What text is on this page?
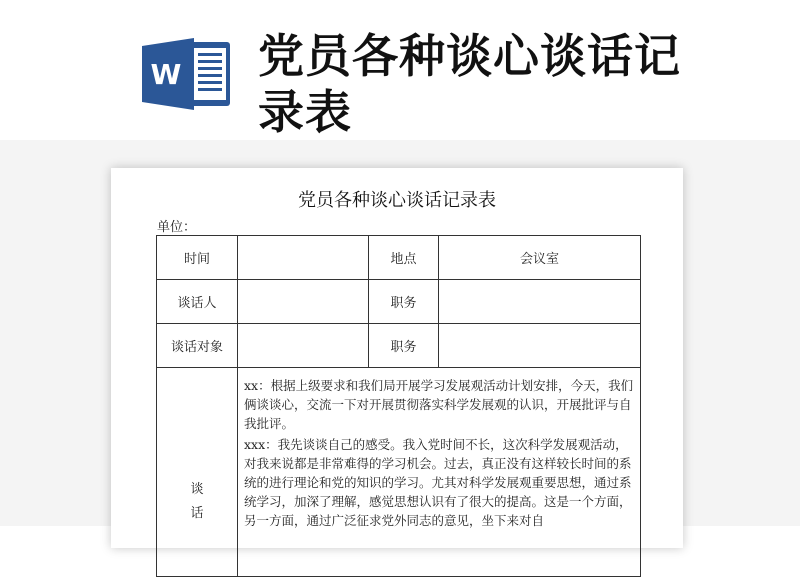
W 党员各种谈心谈话记录表
党员各种谈心谈话记录表
单位：
时间		地点	会议室
谈话人		职务	
谈话对象		职务	
谈话	xx：根据上级要求和我们局开展学习发展观活动计划安排，今天，我们俩谈谈心，交流一下对开展贯彻落实科学发展观的认识，开展批评与自我批评。

xxx：我先谈谈自己的感受。我入党时间不长，这次科学发展观活动，对我来说都是非常难得的学习机会。过去，真正没有这样较长时间的系统的进行理论和党的知识的学习。尤其对科学发展观重要思想，通过系统学习，加深了理解，感觉思想认识有了很大的提高。这是一个方面，另一方面，通过广泛征求党外同志的意见，坐下来对自		
